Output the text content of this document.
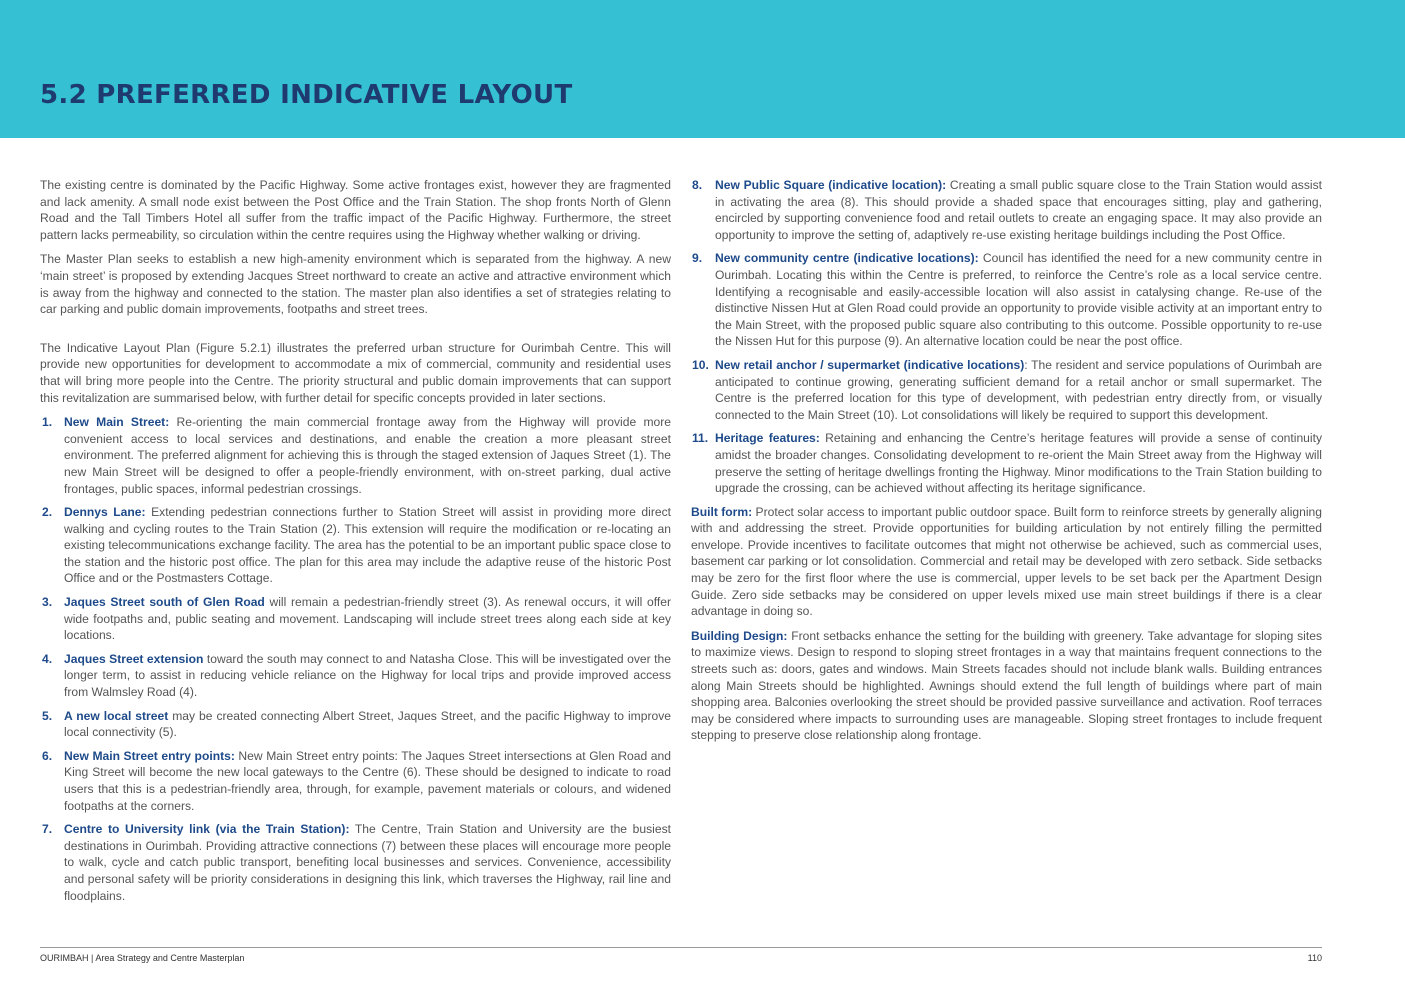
5.2 PREFERRED INDICATIVE LAYOUT

The existing centre is dominated by the Pacific Highway. Some active frontages exist, however they are fragmented and lack amenity. A small node exist between the Post Office and the Train Station. The shop fronts North of Glenn Road and the Tall Timbers Hotel all suffer from the traffic impact of the Pacific Highway. Furthermore, the street pattern lacks permeability, so circulation within the centre requires using the Highway whether walking or driving.

The Master Plan seeks to establish a new high-amenity environment which is separated from the highway. A new ‘main street’ is proposed by extending Jacques Street northward to create an active and attractive environment which is away from the highway and connected to the station. The master plan also identifies a set of strategies relating to car parking and public domain improvements, footpaths and street trees.

The Indicative Layout Plan (Figure 5.2.1) illustrates the preferred urban structure for Ourimbah Centre. This will provide new opportunities for development to accommodate a mix of commercial, community and residential uses that will bring more people into the Centre. The priority structural and public domain improvements that can support this revitalization are summarised below, with further detail for specific concepts provided in later sections.

1. New Main Street: Re-orienting the main commercial frontage away from the Highway will provide more convenient access to local services and destinations, and enable the creation a more pleasant street environment. The preferred alignment for achieving this is through the staged extension of Jaques Street (1). The new Main Street will be designed to offer a people-friendly environment, with on-street parking, dual active frontages, public spaces, informal pedestrian crossings.
2. Dennys Lane: Extending pedestrian connections further to Station Street will assist in providing more direct walking and cycling routes to the Train Station (2). This extension will require the modification or re-locating an existing telecommunications exchange facility. The area has the potential to be an important public space close to the station and the historic post office. The plan for this area may include the adaptive reuse of the historic Post Office and or the Postmasters Cottage.
3. Jaques Street south of Glen Road will remain a pedestrian-friendly street (3). As renewal occurs, it will offer wide footpaths and, public seating and movement. Landscaping will include street trees along each side at key locations.
4. Jaques Street extension toward the south may connect to and Natasha Close. This will be investigated over the longer term, to assist in reducing vehicle reliance on the Highway for local trips and provide improved access from Walmsley Road (4).
5. A new local street may be created connecting Albert Street, Jaques Street, and the pacific Highway to improve local connectivity (5).
6. New Main Street entry points: New Main Street entry points: The Jaques Street intersections at Glen Road and King Street will become the new local gateways to the Centre (6). These should be designed to indicate to road users that this is a pedestrian-friendly area, through, for example, pavement materials or colours, and widened footpaths at the corners.
7. Centre to University link (via the Train Station): The Centre, Train Station and University are the busiest destinations in Ourimbah. Providing attractive connections (7) between these places will encourage more people to walk, cycle and catch public transport, benefiting local businesses and services. Convenience, accessibility and personal safety will be priority considerations in designing this link, which traverses the Highway, rail line and floodplains.
8. New Public Square (indicative location): Creating a small public square close to the Train Station would assist in activating the area (8). This should provide a shaded space that encourages sitting, play and gathering, encircled by supporting convenience food and retail outlets to create an engaging space. It may also provide an opportunity to improve the setting of, adaptively re-use existing heritage buildings including the Post Office.
9. New community centre (indicative locations): Council has identified the need for a new community centre in Ourimbah. Locating this within the Centre is preferred, to reinforce the Centre’s role as a local service centre. Identifying a recognisable and easily-accessible location will also assist in catalysing change. Re-use of the distinctive Nissen Hut at Glen Road could provide an opportunity to provide visible activity at an important entry to the Main Street, with the proposed public square also contributing to this outcome. Possible opportunity to re-use the Nissen Hut for this purpose (9). An alternative location could be near the post office.
10. New retail anchor / supermarket (indicative locations): The resident and service populations of Ourimbah are anticipated to continue growing, generating sufficient demand for a retail anchor or small supermarket. The Centre is the preferred location for this type of development, with pedestrian entry directly from, or visually connected to the Main Street (10). Lot consolidations will likely be required to support this development.
11. Heritage features: Retaining and enhancing the Centre’s heritage features will provide a sense of continuity amidst the broader changes. Consolidating development to re-orient the Main Street away from the Highway will preserve the setting of heritage dwellings fronting the Highway. Minor modifications to the Train Station building to upgrade the crossing, can be achieved without affecting its heritage significance.

Built form: Protect solar access to important public outdoor space. Built form to reinforce streets by generally aligning with and addressing the street. Provide opportunities for building articulation by not entirely filling the permitted envelope. Provide incentives to facilitate outcomes that might not otherwise be achieved, such as commercial uses, basement car parking or lot consolidation. Commercial and retail may be developed with zero setback. Side setbacks may be zero for the first floor where the use is commercial, upper levels to be set back per the Apartment Design Guide. Zero side setbacks may be considered on upper levels mixed use main street buildings if there is a clear advantage in doing so.

Building Design: Front setbacks enhance the setting for the building with greenery. Take advantage for sloping sites to maximize views. Design to respond to sloping street frontages in a way that maintains frequent connections to the streets such as: doors, gates and windows. Main Streets facades should not include blank walls. Building entrances along Main Streets should be highlighted. Awnings should extend the full length of buildings where part of main shopping area. Balconies overlooking the street should be provided passive surveillance and activation. Roof terraces may be considered where impacts to surrounding uses are manageable. Sloping street frontages to include frequent stepping to preserve close relationship along frontage.

OURIMBAH | Area Strategy and Centre Masterplan	110
